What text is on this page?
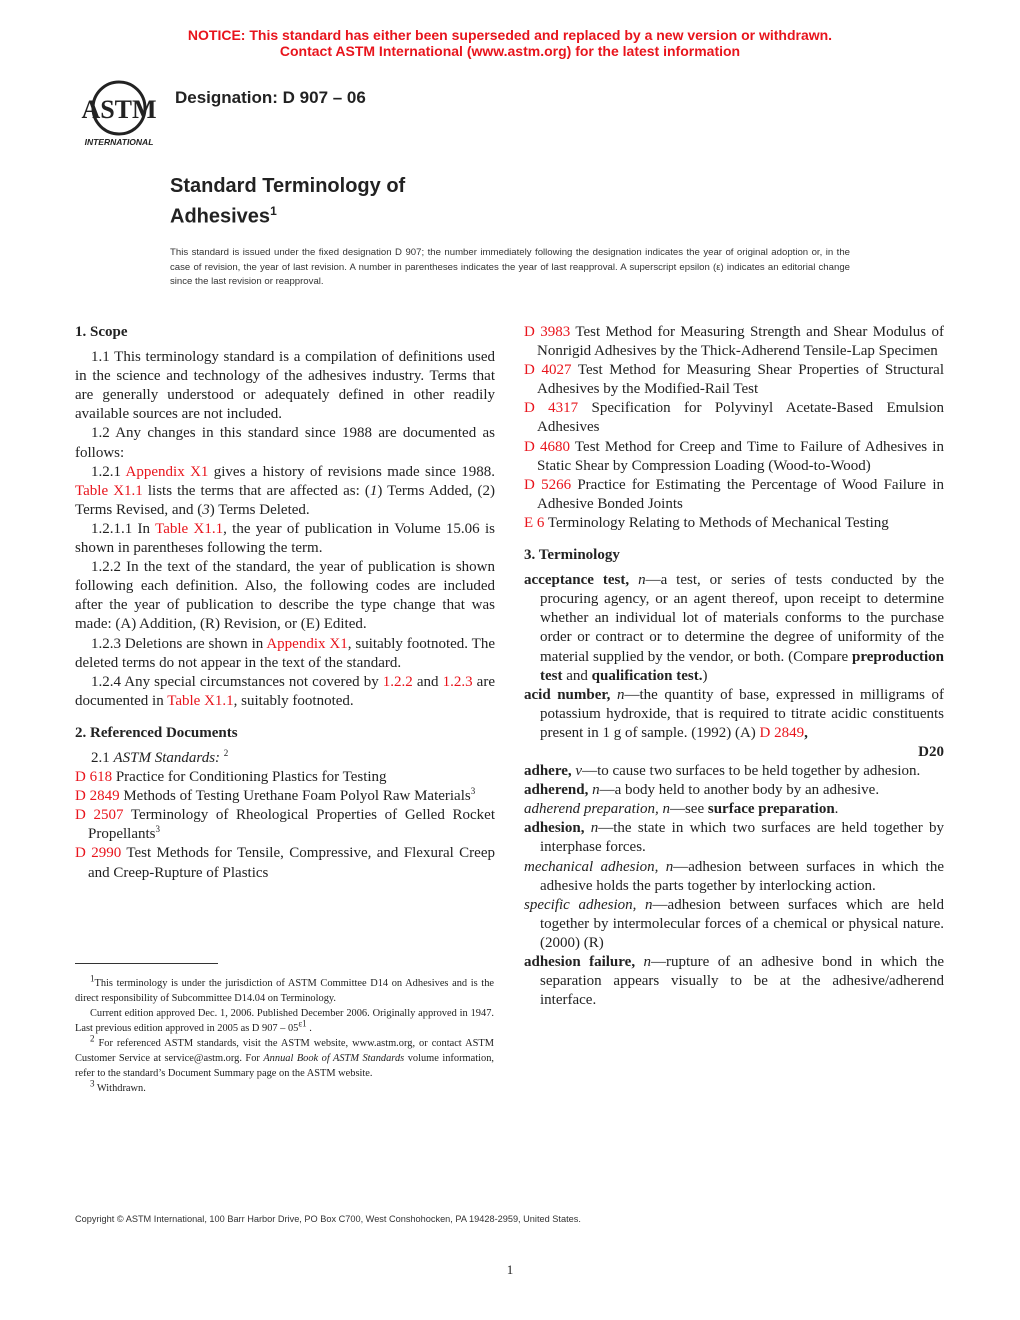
NOTICE: This standard has either been superseded and replaced by a new version or withdrawn.
Contact ASTM International (www.astm.org) for the latest information
ASTM
INTERNATIONAL
Designation: D 907 – 06
Standard Terminology of
Adhesives$^1$
This standard is issued under the fixed designation D 907; the number immediately following the designation indicates the year of original adoption or, in the case of revision, the year of last revision. A number in parentheses indicates the year of last reapproval. A superscript epsilon (ε) indicates an editorial change since the last revision or reapproval.

1. Scope

1.1 This terminology standard is a compilation of definitions used in the science and technology of the adhesives industry. Terms that are generally understood or adequately defined in other readily available sources are not included.

1.2 Any changes in this standard since 1988 are documented as follows:

1.2.1 Appendix X1 gives a history of revisions made since 1988. Table X1.1 lists the terms that are affected as: (1) Terms Added, (2) Terms Revised, and (3) Terms Deleted.

1.2.1.1 In Table X1.1, the year of publication in Volume 15.06 is shown in parentheses following the term.

1.2.2 In the text of the standard, the year of publication is shown following each definition. Also, the following codes are included after the year of publication to describe the type change that was made: (A) Addition, (R) Revision, or (E) Edited.

1.2.3 Deletions are shown in Appendix X1, suitably footnoted. The deleted terms do not appear in the text of the standard.

1.2.4 Any special circumstances not covered by 1.2.2 and 1.2.3 are documented in Table X1.1, suitably footnoted.

2. Referenced Documents

2.1 ASTM Standards: $^2$

D 618 Practice for Conditioning Plastics for Testing

D 2849 Methods of Testing Urethane Foam Polyol Raw Materials$^3$

D 2507 Terminology of Rheological Properties of Gelled Rocket Propellants$^3$

D 2990 Test Methods for Tensile, Compressive, and Flexural Creep and Creep-Rupture of Plastics

D 3983 Test Method for Measuring Strength and Shear Modulus of Nonrigid Adhesives by the Thick-Adherend Tensile-Lap Specimen

D 4027 Test Method for Measuring Shear Properties of Structural Adhesives by the Modified-Rail Test

D 4317 Specification for Polyvinyl Acetate-Based Emulsion Adhesives

D 4680 Test Method for Creep and Time to Failure of Adhesives in Static Shear by Compression Loading (Wood-to-Wood)

D 5266 Practice for Estimating the Percentage of Wood Failure in Adhesive Bonded Joints

E 6 Terminology Relating to Methods of Mechanical Testing

3. Terminology

acceptance test, n—a test, or series of tests conducted by the procuring agency, or an agent thereof, upon receipt to determine whether an individual lot of materials conforms to the purchase order or contract or to determine the degree of uniformity of the material supplied by the vendor, or both. (Compare preproduction test and qualification test.)

acid number, n—the quantity of base, expressed in milligrams of potassium hydroxide, that is required to titrate acidic constituents present in 1 g of sample. (1992) (A) D 2849,

D20

adhere, v—to cause two surfaces to be held together by adhesion.

adherend, n—a body held to another body by an adhesive.

adherend preparation, n—see surface preparation.

adhesion, n—the state in which two surfaces are held together by interphase forces.

mechanical adhesion, n—adhesion between surfaces in which the adhesive holds the parts together by interlocking action.

specific adhesion, n—adhesion between surfaces which are held together by intermolecular forces of a chemical or physical nature. (2000) (R)

adhesion failure, n—rupture of an adhesive bond in which the separation appears visually to be at the adhesive/adherend interface.

1This terminology is under the jurisdiction of ASTM Committee D14 on Adhesives and is the direct responsibility of Subcommittee D14.04 on Terminology.

Current edition approved Dec. 1, 2006. Published December 2006. Originally approved in 1947. Last previous edition approved in 2005 as D 907 – 05ε1 .

2 For referenced ASTM standards, visit the ASTM website, www.astm.org, or contact ASTM Customer Service at service@astm.org. For Annual Book of ASTM Standards volume information, refer to the standard’s Document Summary page on the ASTM website.

3 Withdrawn.

Copyright © ASTM International, 100 Barr Harbor Drive, PO Box C700, West Conshohocken, PA 19428-2959, United States.
1
